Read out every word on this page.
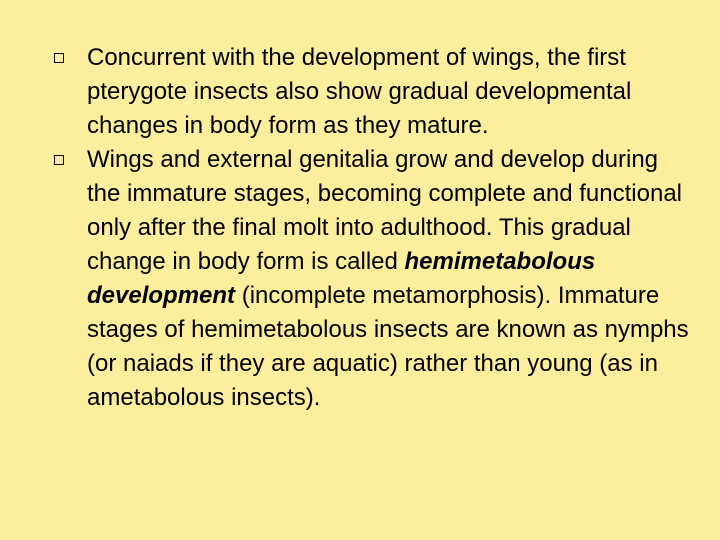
Concurrent with the development of wings, the first pterygote insects also show gradual developmental changes in body form as they mature.
Wings and external genitalia grow and develop during the immature stages, becoming complete and functional only after the final molt into adulthood. This gradual change in body form is called hemimetabolous development (incomplete metamorphosis). Immature stages of hemimetabolous insects are known as nymphs (or naiads if they are aquatic) rather than young (as in ametabolous insects).
